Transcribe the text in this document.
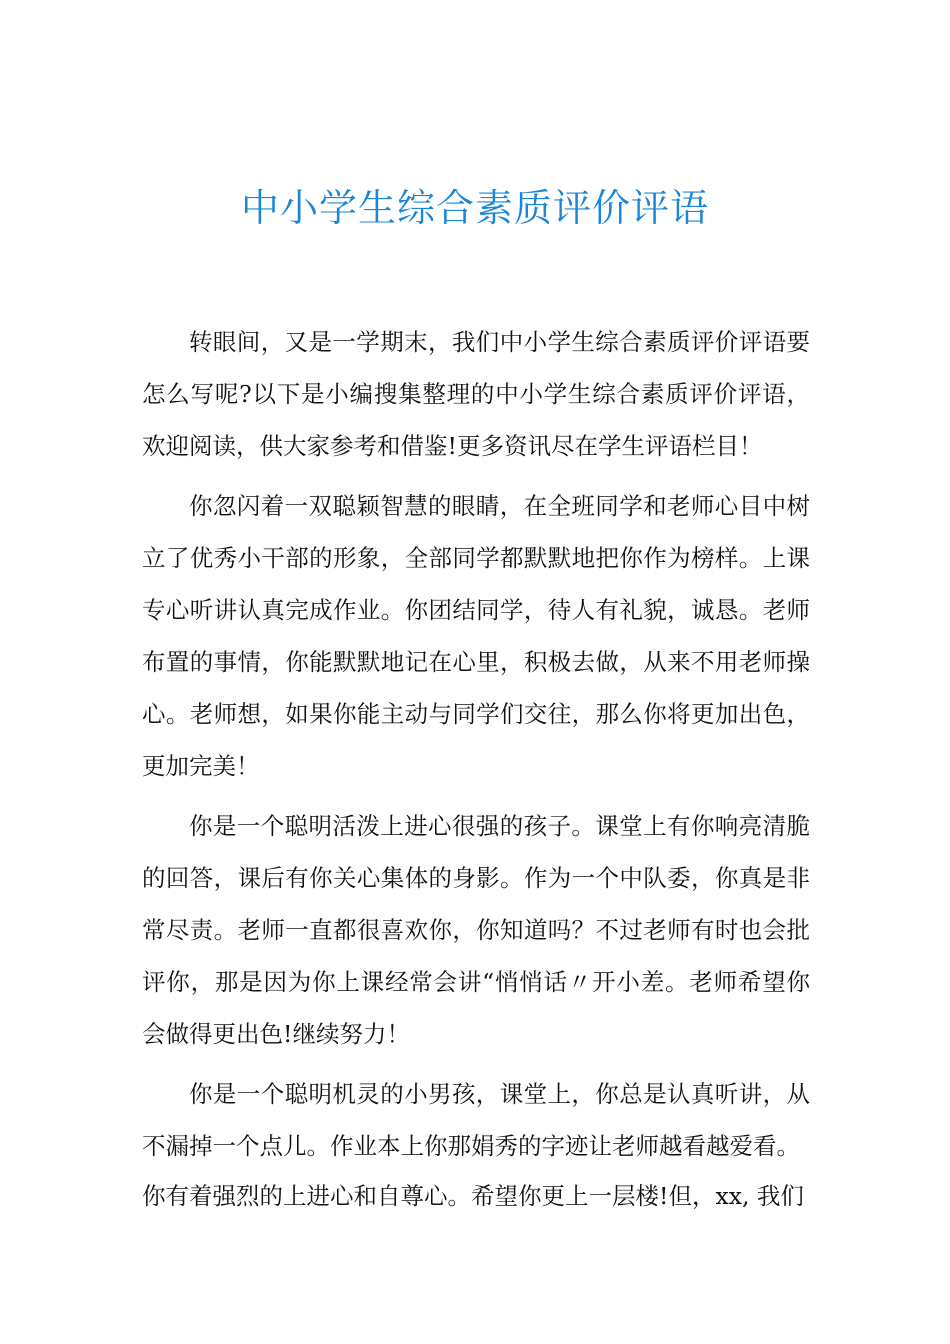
中小学生综合素质评价评语

转眼间，又是一学期末，我们中小学生综合素质评价评语要怎么写呢?以下是小编搜集整理的中小学生综合素质评价评语，欢迎阅读，供大家参考和借鉴!更多资讯尽在学生评语栏目！

你忽闪着一双聪颖智慧的眼睛，在全班同学和老师心目中树立了优秀小干部的形象，全部同学都默默地把你作为榜样。上课专心听讲认真完成作业。你团结同学，待人有礼貌，诚恳。老师布置的事情，你能默默地记在心里，积极去做，从来不用老师操心。老师想，如果你能主动与同学们交往，那么你将更加出色，更加完美！

你是一个聪明活泼上进心很强的孩子。课堂上有你响亮清脆的回答，课后有你关心集体的身影。作为一个中队委，你真是非常尽责。老师一直都很喜欢你，你知道吗？不过老师有时也会批评你，那是因为你上课经常会讲“悄悄话〃开小差。老师希望你会做得更出色!继续努力！

你是一个聪明机灵的小男孩，课堂上，你总是认真听讲，从不漏掉一个点儿。作业本上你那娟秀的字迹让老师越看越爱看。

你有着强烈的上进心和自尊心。希望你更上一层楼!但，xx, 我们
